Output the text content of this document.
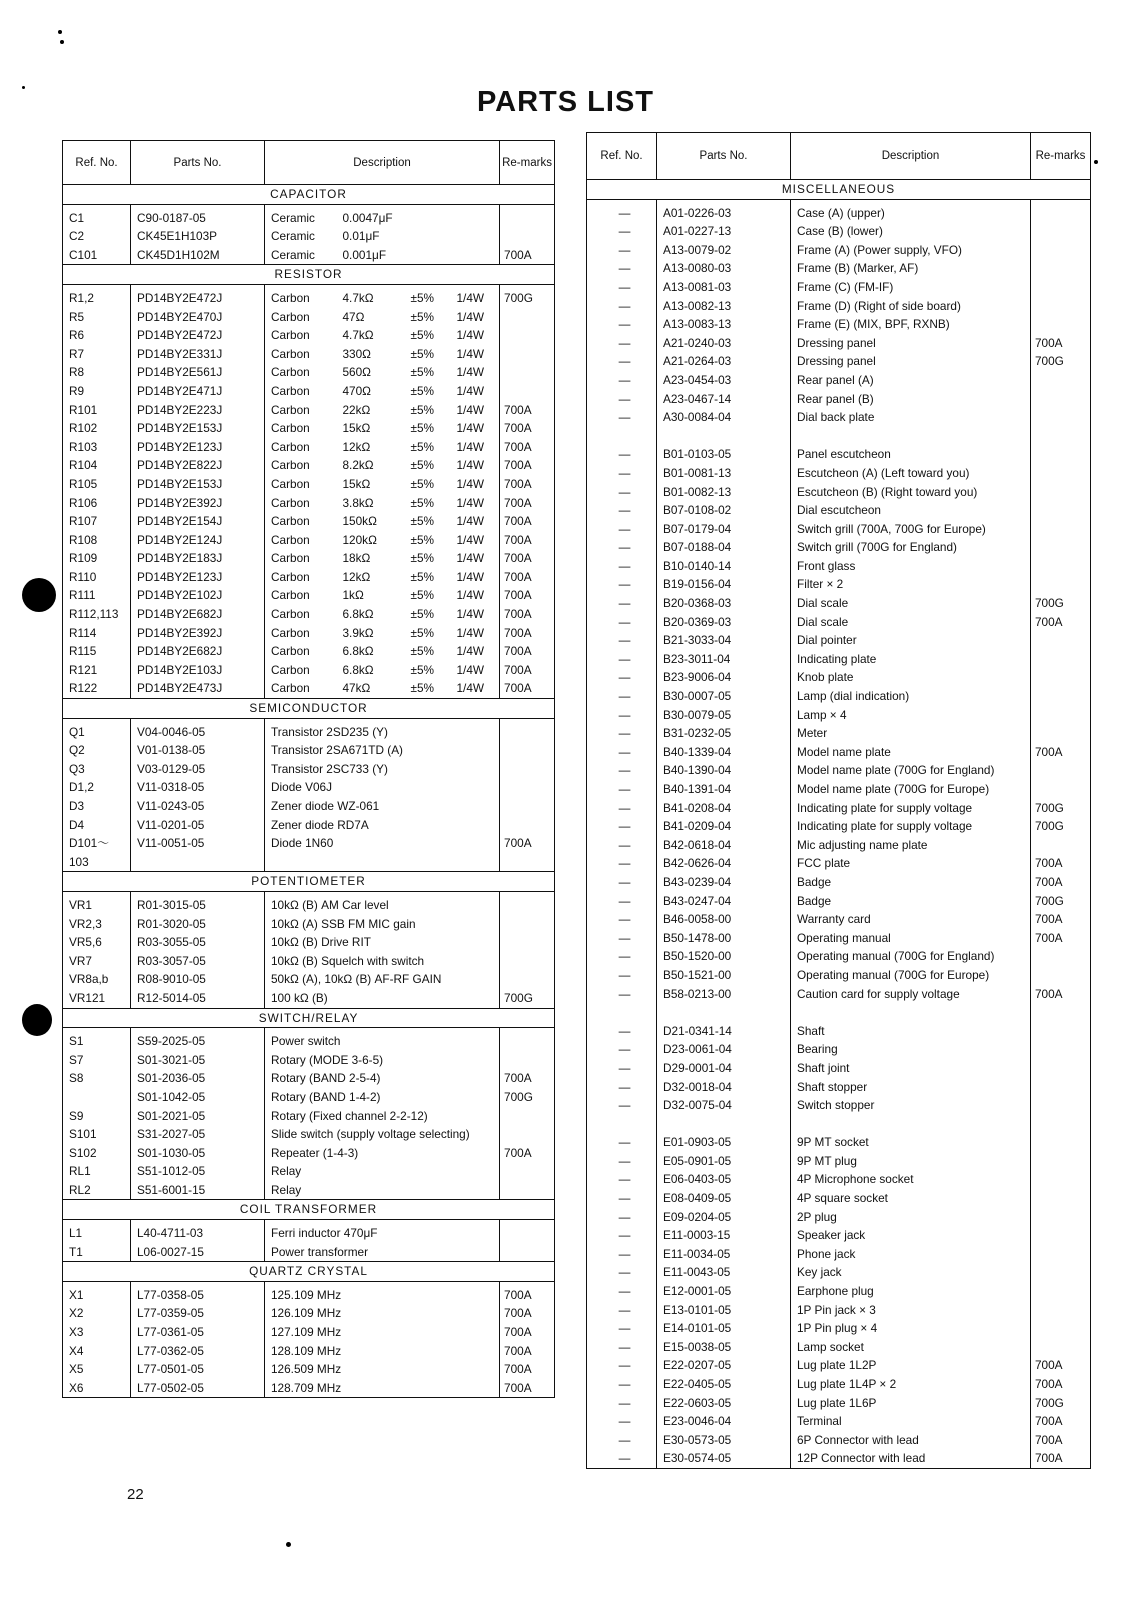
PARTS LIST
Ref. No.	Parts No.	Description				Re-marks
CAPACITOR						
C1	C90-0187-05	Ceramic	0.0047μF			
C2	CK45E1H103P	Ceramic	0.01μF			
C101	CK45D1H102M	Ceramic	0.001μF			700A
RESISTOR						
R1,2	PD14BY2E472J	Carbon	4.7kΩ	±5%	1/4W	700G
R5	PD14BY2E470J	Carbon	47Ω	±5%	1/4W	
R6	PD14BY2E472J	Carbon	4.7kΩ	±5%	1/4W	
R7	PD14BY2E331J	Carbon	330Ω	±5%	1/4W	
R8	PD14BY2E561J	Carbon	560Ω	±5%	1/4W	
R9	PD14BY2E471J	Carbon	470Ω	±5%	1/4W	
R101	PD14BY2E223J	Carbon	22kΩ	±5%	1/4W	700A
R102	PD14BY2E153J	Carbon	15kΩ	±5%	1/4W	700A
R103	PD14BY2E123J	Carbon	12kΩ	±5%	1/4W	700A
R104	PD14BY2E822J	Carbon	8.2kΩ	±5%	1/4W	700A
R105	PD14BY2E153J	Carbon	15kΩ	±5%	1/4W	700A
R106	PD14BY2E392J	Carbon	3.8kΩ	±5%	1/4W	700A
R107	PD14BY2E154J	Carbon	150kΩ	±5%	1/4W	700A
R108	PD14BY2E124J	Carbon	120kΩ	±5%	1/4W	700A
R109	PD14BY2E183J	Carbon	18kΩ	±5%	1/4W	700A
R110	PD14BY2E123J	Carbon	12kΩ	±5%	1/4W	700A
R111	PD14BY2E102J	Carbon	1kΩ	±5%	1/4W	700A
R112,113	PD14BY2E682J	Carbon	6.8kΩ	±5%	1/4W	700A
R114	PD14BY2E392J	Carbon	3.9kΩ	±5%	1/4W	700A
R115	PD14BY2E682J	Carbon	6.8kΩ	±5%	1/4W	700A
R121	PD14BY2E103J	Carbon	6.8kΩ	±5%	1/4W	700A
R122	PD14BY2E473J	Carbon	47kΩ	±5%	1/4W	700A
SEMICONDUCTOR						
Q1	V04-0046-05	Transistor 2SD235 (Y)				
Q2	V01-0138-05	Transistor 2SA671TD (A)				
Q3	V03-0129-05	Transistor 2SC733 (Y)				
D1,2	V11-0318-05	Diode V06J				
D3	V11-0243-05	Zener diode WZ-061				
D4	V11-0201-05	Zener diode RD7A				
D101～	V11-0051-05	Diode 1N60				700A
103						
POTENTIOMETER						
VR1	R01-3015-05	10kΩ (B) AM Car level				
VR2,3	R01-3020-05	10kΩ (A) SSB FM MIC gain				
VR5,6	R03-3055-05	10kΩ (B) Drive RIT				
VR7	R03-3057-05	10kΩ (B) Squelch with switch				
VR8a,b	R08-9010-05	50kΩ (A), 10kΩ (B) AF-RF GAIN				
VR121	R12-5014-05	100 kΩ (B)				700G
SWITCH/RELAY						
S1	S59-2025-05	Power switch				
S7	S01-3021-05	Rotary (MODE 3-6-5)				
S8	S01-2036-05	Rotary (BAND 2-5-4)				700A
	S01-1042-05	Rotary (BAND 1-4-2)				700G
S9	S01-2021-05	Rotary (Fixed channel 2-2-12)				
S101	S31-2027-05	Slide switch (supply voltage selecting)				
S102	S01-1030-05	Repeater (1-4-3)				700A
RL1	S51-1012-05	Relay				
RL2	S51-6001-15	Relay				
COIL TRANSFORMER						
L1	L40-4711-03	Ferri inductor 470μF				
T1	L06-0027-15	Power transformer				
QUARTZ CRYSTAL						
X1	L77-0358-05	125.109 MHz				700A
X2	L77-0359-05	126.109 MHz				700A
X3	L77-0361-05	127.109 MHz				700A
X4	L77-0362-05	128.109 MHz				700A
X5	L77-0501-05	126.509 MHz				700A
X6	L77-0502-05	128.709 MHz				700A
Ref. No.	Parts No.	Description	Re-marks
MISCELLANEOUS			
—	A01-0226-03	Case (A) (upper)	
—	A01-0227-13	Case (B) (lower)	
—	A13-0079-02	Frame (A) (Power supply, VFO)	
—	A13-0080-03	Frame (B) (Marker, AF)	
—	A13-0081-03	Frame (C) (FM-IF)	
—	A13-0082-13	Frame (D) (Right of side board)	
—	A13-0083-13	Frame (E) (MIX, BPF, RXNB)	
—	A21-0240-03	Dressing panel	700A
—	A21-0264-03	Dressing panel	700G
—	A23-0454-03	Rear panel (A)	
—	A23-0467-14	Rear panel (B)	
—	A30-0084-04	Dial back plate	

—	B01-0103-05	Panel escutcheon	
—	B01-0081-13	Escutcheon (A) (Left toward you)	
—	B01-0082-13	Escutcheon (B) (Right toward you)	
—	B07-0108-02	Dial escutcheon	
—	B07-0179-04	Switch grill (700A, 700G for Europe)	
—	B07-0188-04	Switch grill (700G for England)	
—	B10-0140-14	Front glass	
—	B19-0156-04	Filter × 2	
—	B20-0368-03	Dial scale	700G
—	B20-0369-03	Dial scale	700A
—	B21-3033-04	Dial pointer	
—	B23-3011-04	Indicating plate	
—	B23-9006-04	Knob plate	
—	B30-0007-05	Lamp (dial indication)	
—	B30-0079-05	Lamp × 4	
—	B31-0232-05	Meter	
—	B40-1339-04	Model name plate	700A
—	B40-1390-04	Model name plate (700G for England)	
—	B40-1391-04	Model name plate (700G for Europe)	
—	B41-0208-04	Indicating plate for supply voltage	700G
—	B41-0209-04	Indicating plate for supply voltage	700G
—	B42-0618-04	Mic adjusting name plate	
—	B42-0626-04	FCC plate	700A
—	B43-0239-04	Badge	700A
—	B43-0247-04	Badge	700G
—	B46-0058-00	Warranty card	700A
—	B50-1478-00	Operating manual	700A
—	B50-1520-00	Operating manual (700G for England)	
—	B50-1521-00	Operating manual (700G for Europe)	
—	B58-0213-00	Caution card for supply voltage	700A

—	D21-0341-14	Shaft	
—	D23-0061-04	Bearing	
—	D29-0001-04	Shaft joint	
—	D32-0018-04	Shaft stopper	
—	D32-0075-04	Switch stopper	

—	E01-0903-05	9P MT socket	
—	E05-0901-05	9P MT plug	
—	E06-0403-05	4P Microphone socket	
—	E08-0409-05	4P square socket	
—	E09-0204-05	2P plug	
—	E11-0003-15	Speaker jack	
—	E11-0034-05	Phone jack	
—	E11-0043-05	Key jack	
—	E12-0001-05	Earphone plug	
—	E13-0101-05	1P Pin jack × 3	
—	E14-0101-05	1P Pin plug × 4	
—	E15-0038-05	Lamp socket	
—	E22-0207-05	Lug plate 1L2P	700A
—	E22-0405-05	Lug plate 1L4P × 2	700A
—	E22-0603-05	Lug plate 1L6P	700G
—	E23-0046-04	Terminal	700A
—	E30-0573-05	6P Connector with lead	700A
—	E30-0574-05	12P Connector with lead	700A
22
